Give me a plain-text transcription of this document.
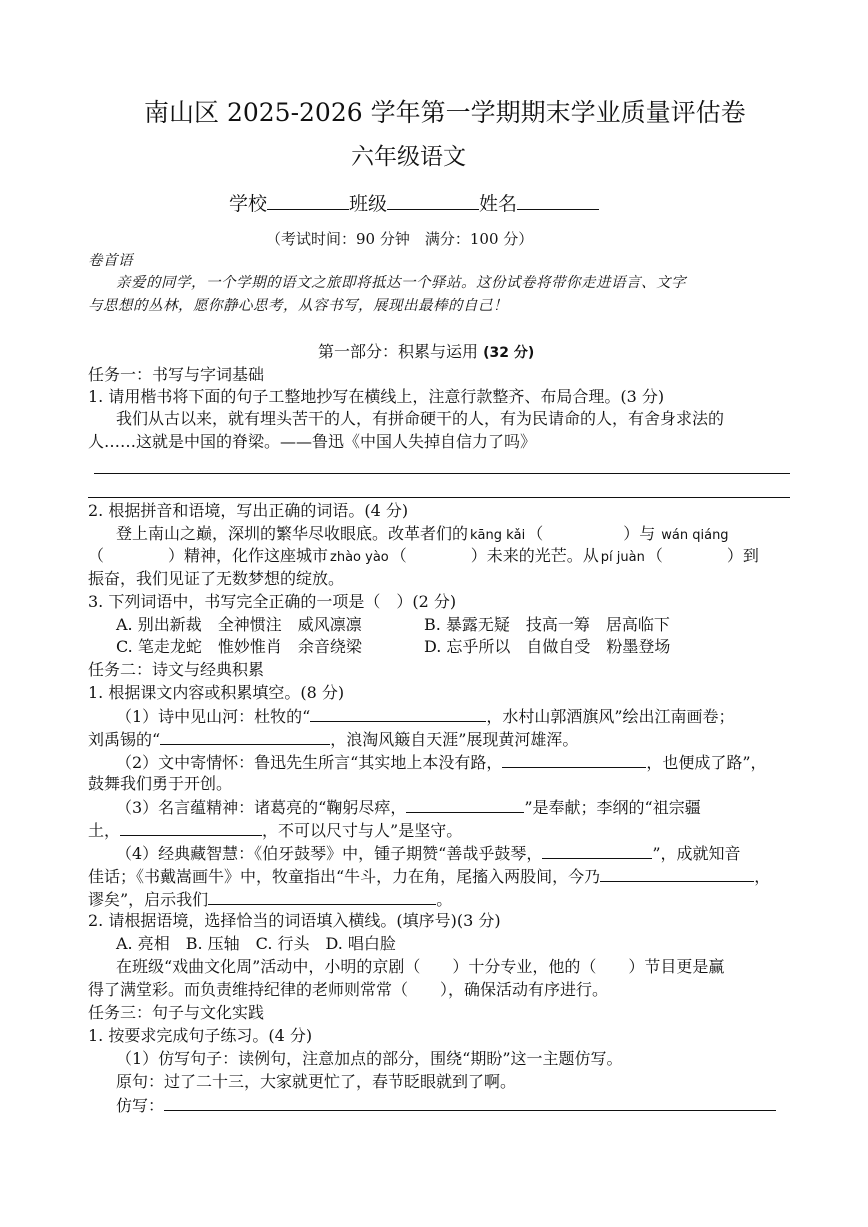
南山区 2025-2026 学年第一学期期末学业质量评估卷
六年级语文
学校	班级	姓名
（考试时间：90 分钟　满分：100 分）
卷首语
亲爱的同学，一个学期的语文之旅即将抵达一个驿站。这份试卷将带你走进语言、文字
与思想的丛林，愿你静心思考，从容书写，展现出最棒的自己！
第一部分：积累与运用 (32 分)
任务一：书写与字词基础
1. 请用楷书将下面的句子工整地抄写在横线上，注意行款整齐、布局合理。(3 分)
我们从古以来，就有埋头苦干的人，有拼命硬干的人，有为民请命的人，有舍身求法的
人……这就是中国的脊梁。——鲁迅《中国人失掉自信力了吗》
2. 根据拼音和语境，写出正确的词语。(4 分)
登上南山之巅，深圳的繁华尽收眼底。改革者们的 kāng kǎi （　　　　　）与 wán qiáng
（　　　　）精神，化作这座城市 zhào yào （　　　　）未来的光芒。从 pí juàn （　　　　）到
振奋，我们见证了无数梦想的绽放。
3. 下列词语中，书写完全正确的一项是（　）(2 分)
A. 别出新裁　全神惯注　威风凛凛	B. 暴露无疑　技高一筹　居高临下
C. 笔走龙蛇　惟妙惟肖　余音绕梁	D. 忘乎所以　自做自受　粉墨登场
任务二：诗文与经典积累
1. 根据课文内容或积累填空。(8 分)
（1）诗中见山河：杜牧的“	，水村山郭酒旗风”绘出江南画卷；
刘禹锡的“	，浪淘风簸自天涯”展现黄河雄浑。
（2）文中寄情怀：鲁迅先生所言“其实地上本没有路，	，也便成了路”，
鼓舞我们勇于开创。
（3）名言蕴精神：诸葛亮的“鞠躬尽瘁，	”是奉献；李纲的“祖宗疆
土，	，不可以尺寸与人”是坚守。
（4）经典藏智慧：《伯牙鼓琴》中，锺子期赞“善哉乎鼓琴，	”，成就知音
佳话；《书戴嵩画牛》中，牧童指出“牛斗，力在角，尾搐入两股间，今乃	，
谬矣”，启示我们	。
2. 请根据语境，选择恰当的词语填入横线。(填序号)(3 分)
A. 亮相　B. 压轴　C. 行头　D. 唱白脸
在班级“戏曲文化周”活动中，小明的京剧（　　）十分专业，他的（　　）节目更是赢
得了满堂彩。而负责维持纪律的老师则常常（　　），确保活动有序进行。
任务三：句子与文化实践
1. 按要求完成句子练习。(4 分)
（1）仿写句子：读例句，注意加点的部分，围绕“期盼”这一主题仿写。
原句：过了二十三，大家就更忙了，春节眨眼就到了啊。
仿写：
